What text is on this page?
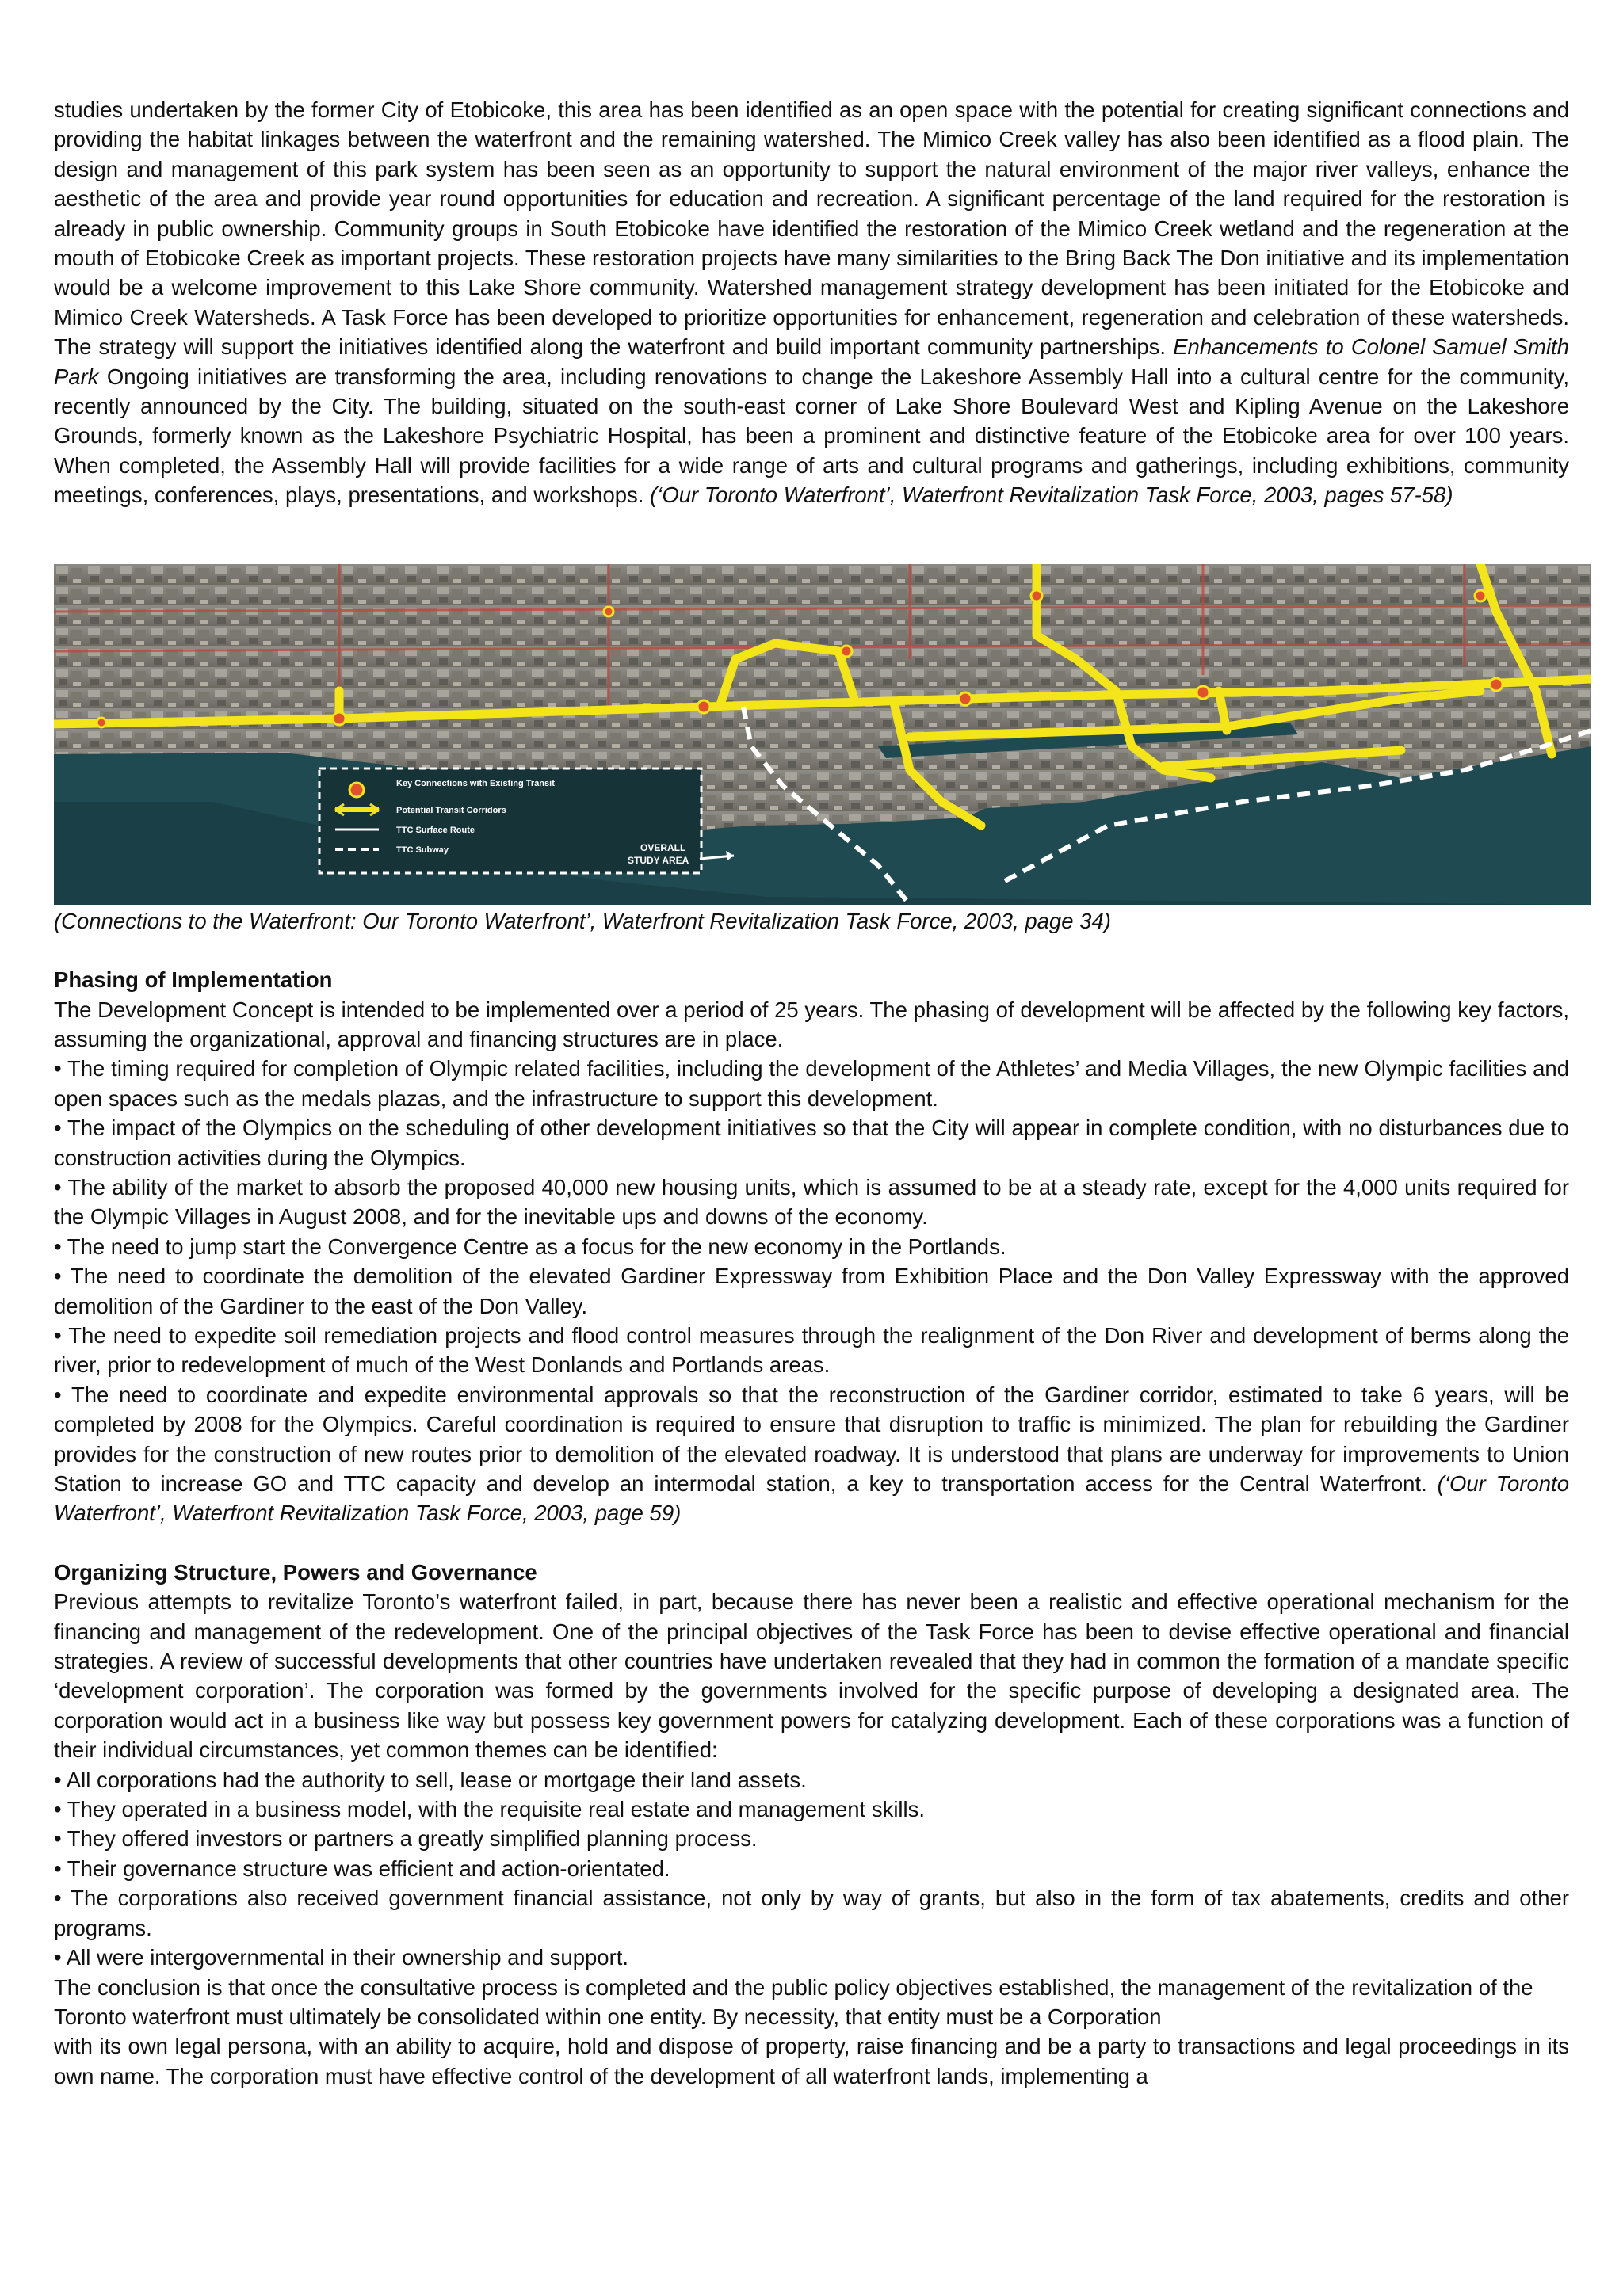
studies undertaken by the former City of Etobicoke, this area has been identified as an open space with the potential for creating significant connections and providing the habitat linkages between the waterfront and the remaining watershed. The Mimico Creek valley has also been identified as a flood plain. The design and management of this park system has been seen as an opportunity to support the natural environment of the major river valleys, enhance the aesthetic of the area and provide year round opportunities for education and recreation. A significant percentage of the land required for the restoration is already in public ownership. Community groups in South Etobicoke have identified the restoration of the Mimico Creek wetland and the regeneration at the mouth of Etobicoke Creek as important projects. These restoration projects have many similarities to the Bring Back The Don initiative and its implementation would be a welcome improvement to this Lake Shore community. Watershed management strategy development has been initiated for the Etobicoke and Mimico Creek Watersheds. A Task Force has been developed to prioritize opportunities for enhancement, regeneration and celebration of these watersheds. The strategy will support the initiatives identified along the waterfront and build important community partnerships. Enhancements to Colonel Samuel Smith Park Ongoing initiatives are transforming the area, including renovations to change the Lakeshore Assembly Hall into a cultural centre for the community, recently announced by the City. The building, situated on the south-east corner of Lake Shore Boulevard West and Kipling Avenue on the Lakeshore Grounds, formerly known as the Lakeshore Psychiatric Hospital, has been a prominent and distinctive feature of the Etobicoke area for over 100 years. When completed, the Assembly Hall will provide facilities for a wide range of arts and cultural programs and gatherings, including exhibitions, community meetings, conferences, plays, presentations, and workshops. (‘Our Toronto Waterfront’, Waterfront Revitalization Task Force, 2003, pages 57-58)

Key Connections with Existing Transit
Potential Transit Corridors
TTC Surface Route
TTC Subway	OVERALL
STUDY AREA

(Connections to the Waterfront: Our Toronto Waterfront’, Waterfront Revitalization Task Force, 2003, page 34)

Phasing of Implementation

The Development Concept is intended to be implemented over a period of 25 years. The phasing of development will be affected by the following key factors, assuming the organizational, approval and financing structures are in place.

• The timing required for completion of Olympic related facilities, including the development of the Athletes’ and Media Villages, the new Olympic facilities and open spaces such as the medals plazas, and the infrastructure to support this development.

• The impact of the Olympics on the scheduling of other development initiatives so that the City will appear in complete condition, with no disturbances due to construction activities during the Olympics.

• The ability of the market to absorb the proposed 40,000 new housing units, which is assumed to be at a steady rate, except for the 4,000 units required for the Olympic Villages in August 2008, and for the inevitable ups and downs of the economy.

• The need to jump start the Convergence Centre as a focus for the new economy in the Portlands.

• The need to coordinate the demolition of the elevated Gardiner Expressway from Exhibition Place and the Don Valley Expressway with the approved demolition of the Gardiner to the east of the Don Valley.

• The need to expedite soil remediation projects and flood control measures through the realignment of the Don River and development of berms along the river, prior to redevelopment of much of the West Donlands and Portlands areas.

• The need to coordinate and expedite environmental approvals so that the reconstruction of the Gardiner corridor, estimated to take 6 years, will be completed by 2008 for the Olympics. Careful coordination is required to ensure that disruption to traffic is minimized. The plan for rebuilding the Gardiner provides for the construction of new routes prior to demolition of the elevated roadway. It is understood that plans are underway for improvements to Union Station to increase GO and TTC capacity and develop an intermodal station, a key to transportation access for the Central Waterfront. (‘Our Toronto Waterfront’, Waterfront Revitalization Task Force, 2003, page 59)

Organizing Structure, Powers and Governance

Previous attempts to revitalize Toronto’s waterfront failed, in part, because there has never been a realistic and effective operational mechanism for the financing and management of the redevelopment. One of the principal objectives of the Task Force has been to devise effective operational and financial strategies. A review of successful developments that other countries have undertaken revealed that they had in common the formation of a mandate specific ‘development corporation’. The corporation was formed by the governments involved for the specific purpose of developing a designated area. The corporation would act in a business like way but possess key government powers for catalyzing development. Each of these corporations was a function of their individual circumstances, yet common themes can be identified:

• All corporations had the authority to sell, lease or mortgage their land assets.

• They operated in a business model, with the requisite real estate and management skills.

• They offered investors or partners a greatly simplified planning process.

• Their governance structure was efficient and action-orientated.

• The corporations also received government financial assistance, not only by way of grants, but also in the form of tax abatements, credits and other programs.

• All were intergovernmental in their ownership and support.

The conclusion is that once the consultative process is completed and the public policy objectives established, the management of the revitalization of the Toronto waterfront must ultimately be consolidated within one entity. By necessity, that entity must be a Corporation

with its own legal persona, with an ability to acquire, hold and dispose of property, raise financing and be a party to transactions and legal proceedings in its own name. The corporation must have effective control of the development of all waterfront lands, implementing a
